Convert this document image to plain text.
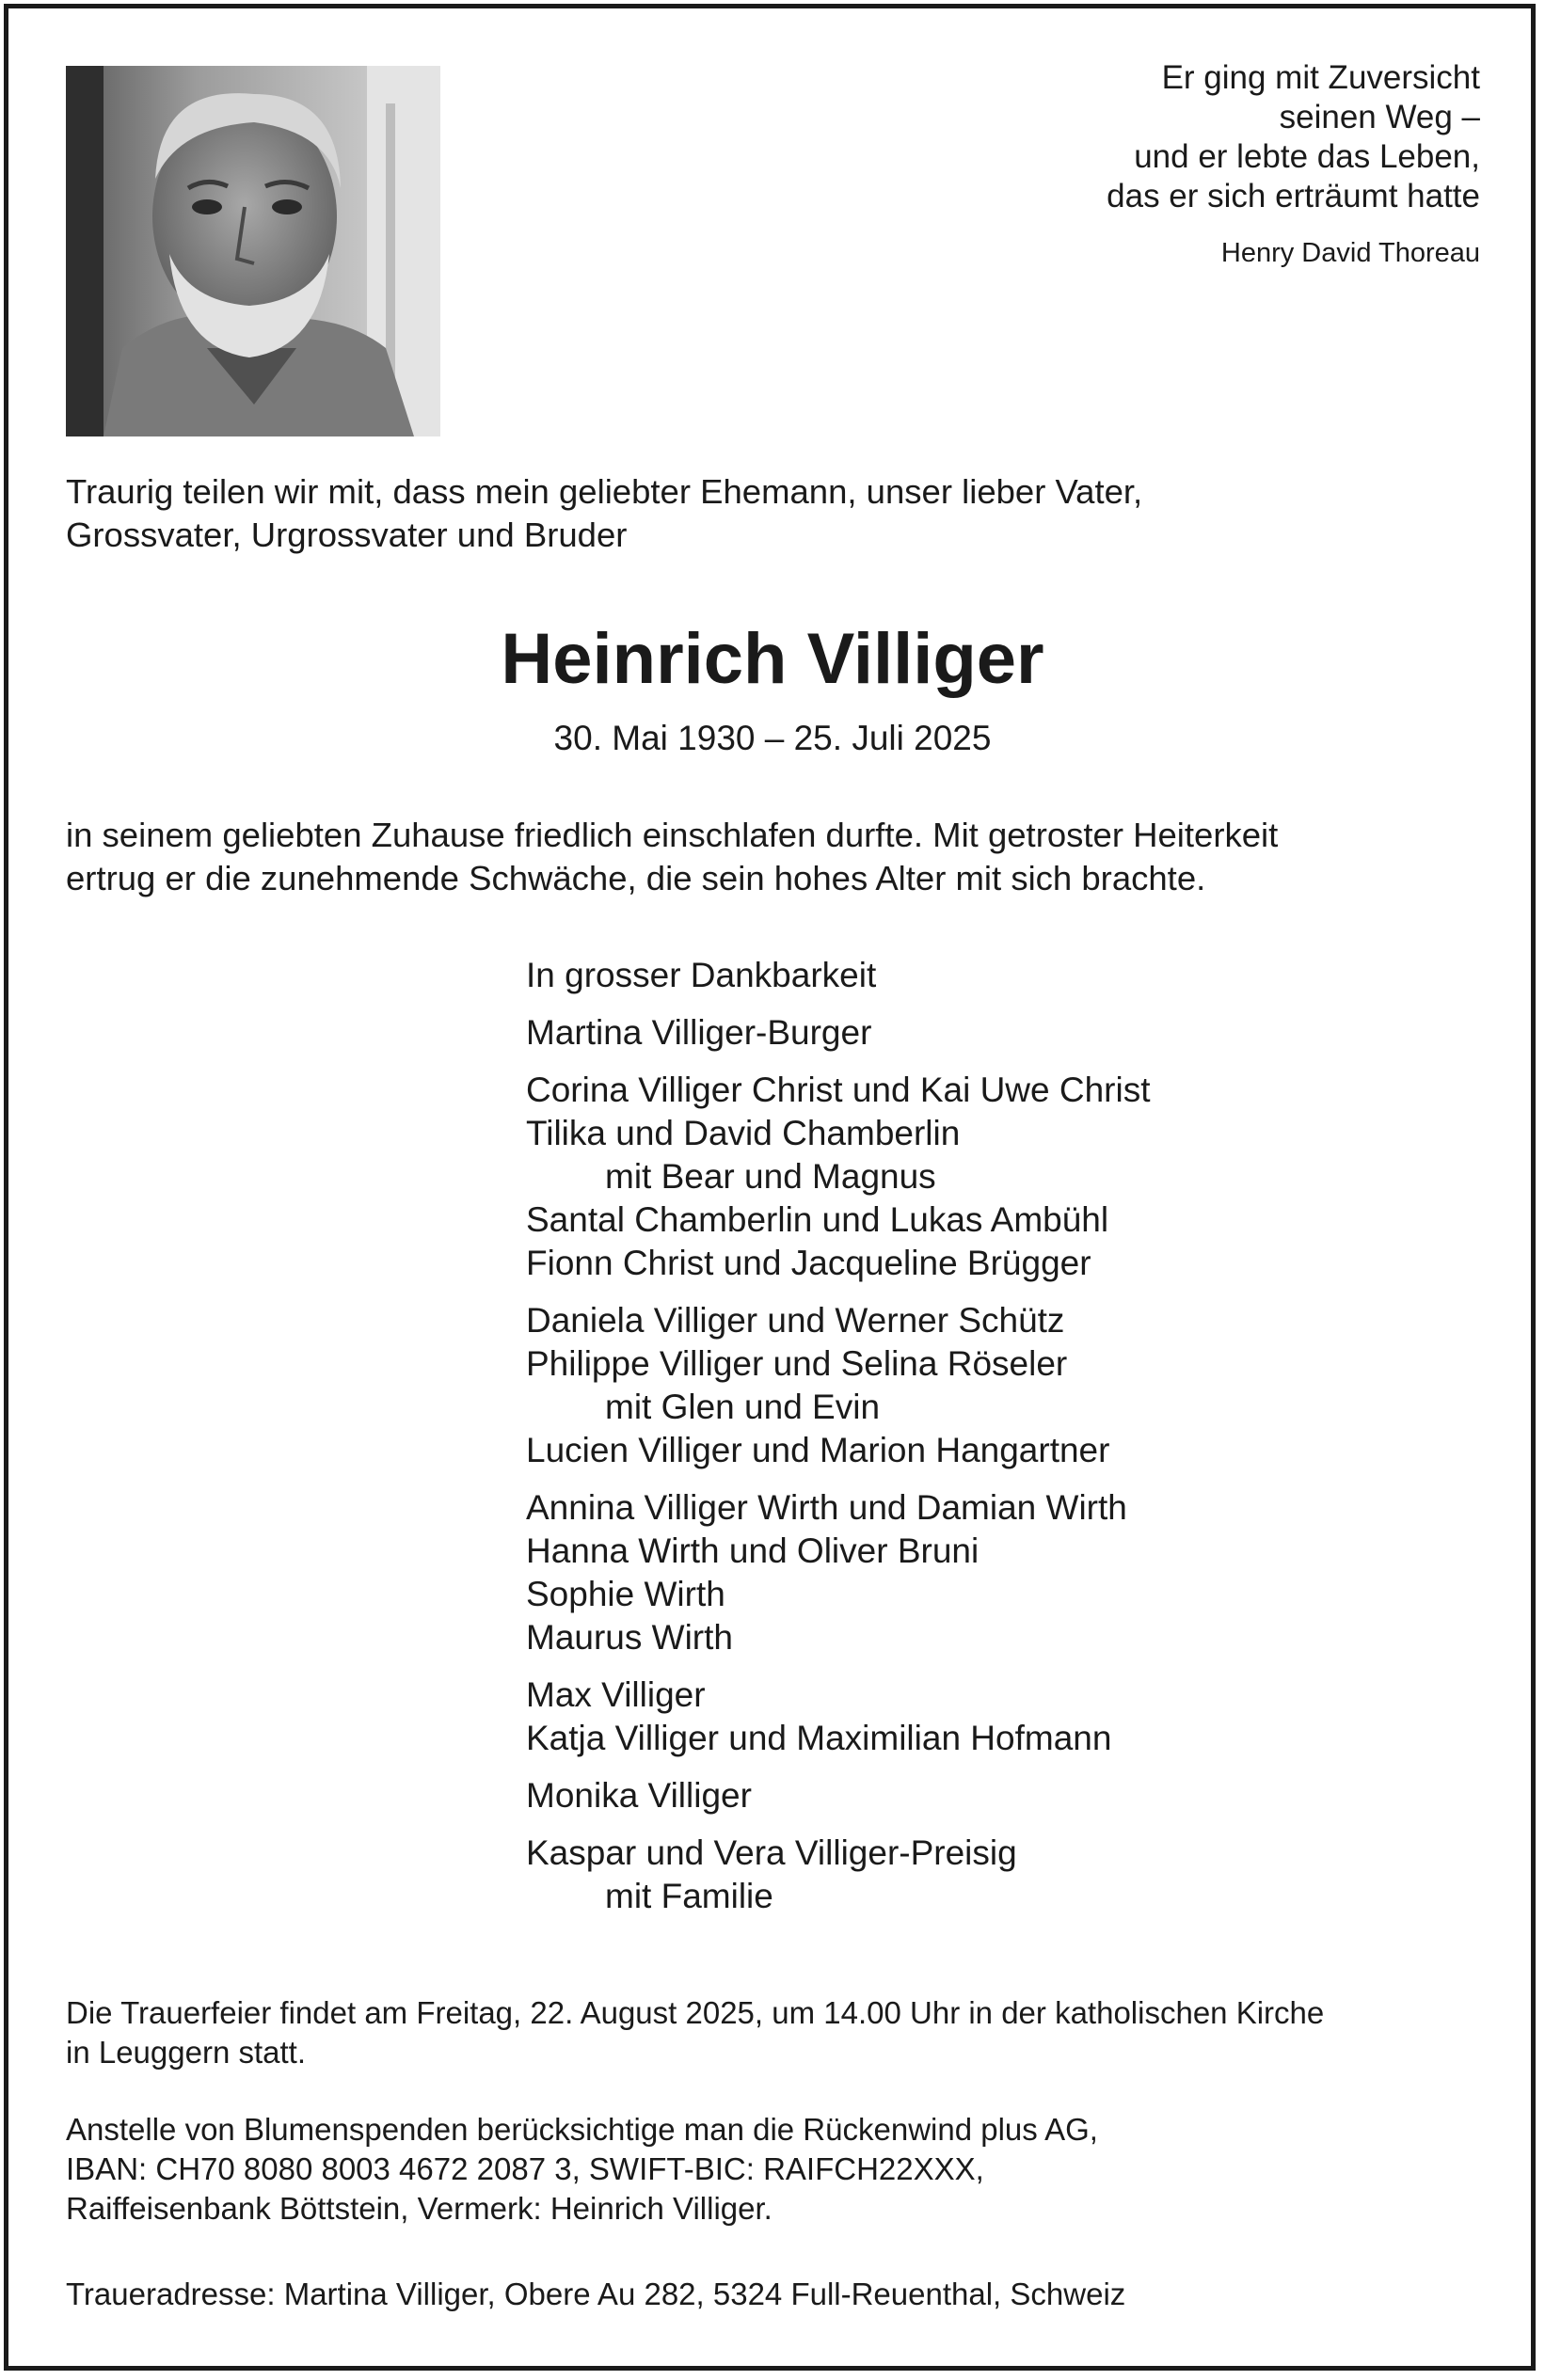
Er ging mit Zuversicht
seinen Weg –
und er lebte das Leben,
das er sich erträumt hatte
Henry David Thoreau
Traurig teilen wir mit, dass mein geliebter Ehemann, unser lieber Vater,
Grossvater, Urgrossvater und Bruder
Heinrich Villiger
30. Mai 1930 – 25. Juli 2025
in seinem geliebten Zuhause friedlich einschlafen durfte. Mit getroster Heiterkeit
ertrug er die zunehmende Schwäche, die sein hohes Alter mit sich brachte.
In grosser Dankbarkeit
Martina Villiger-Burger
Corina Villiger Christ und Kai Uwe Christ
Tilika und David Chamberlin
mit Bear und Magnus
Santal Chamberlin und Lukas Ambühl
Fionn Christ und Jacqueline Brügger
Daniela Villiger und Werner Schütz
Philippe Villiger und Selina Röseler
mit Glen und Evin
Lucien Villiger und Marion Hangartner
Annina Villiger Wirth und Damian Wirth
Hanna Wirth und Oliver Bruni
Sophie Wirth
Maurus Wirth
Max Villiger
Katja Villiger und Maximilian Hofmann
Monika Villiger
Kaspar und Vera Villiger-Preisig
mit Familie
Die Trauerfeier findet am Freitag, 22. August 2025, um 14.00 Uhr in der katholischen Kirche
in Leuggern statt.
Anstelle von Blumenspenden berücksichtige man die Rückenwind plus AG,
IBAN: CH70 8080 8003 4672 2087 3, SWIFT-BIC: RAIFCH22XXX,
Raiffeisenbank Böttstein, Vermerk: Heinrich Villiger.
Traueradresse: Martina Villiger, Obere Au 282, 5324 Full-Reuenthal, Schweiz
